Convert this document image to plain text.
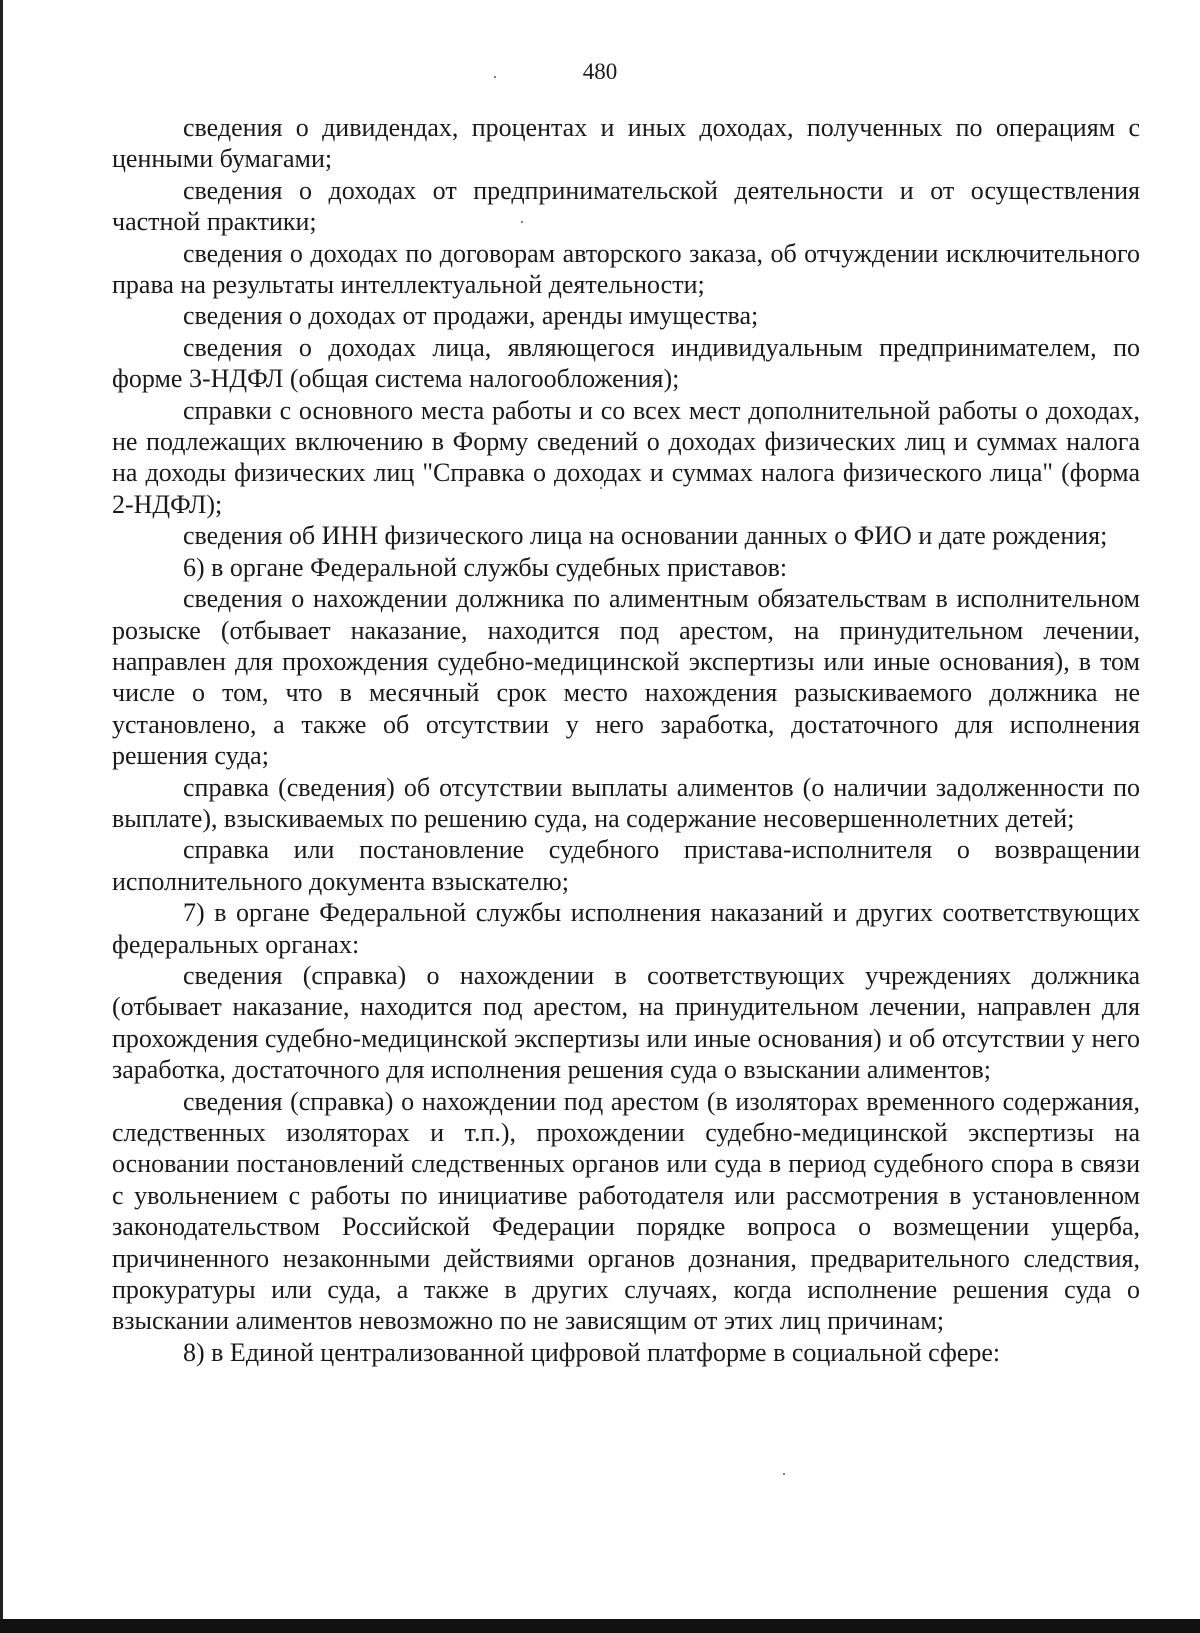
480

сведения о дивидендах, процентах и иных доходах, полученных по операциям с ценными бумагами;

сведения о доходах от предпринимательской деятельности и от осуществления частной практики;

сведения о доходах по договорам авторского заказа, об отчуждении исключительного права на результаты интеллектуальной деятельности;

сведения о доходах от продажи, аренды имущества;

сведения о доходах лица, являющегося индивидуальным предпринимателем, по форме 3-НДФЛ (общая система налогообложения);

справки с основного места работы и со всех мест дополнительной работы о доходах, не подлежащих включению в Форму сведений о доходах физических лиц и суммах налога на доходы физических лиц "Справка о доходах и суммах налога физического лица" (форма 2-НДФЛ);

сведения об ИНН физического лица на основании данных о ФИО и дате рождения;

6) в органе Федеральной службы судебных приставов:

сведения о нахождении должника по алиментным обязательствам в исполнительном розыске (отбывает наказание, находится под арестом, на принудительном лечении, направлен для прохождения судебно-медицинской экспертизы или иные основания), в том числе о том, что в месячный срок место нахождения разыскиваемого должника не установлено, а также об отсутствии у него заработка, достаточного для исполнения решения суда;

справка (сведения) об отсутствии выплаты алиментов (о наличии задолженности по выплате), взыскиваемых по решению суда, на содержание несовершеннолетних детей;

справка или постановление судебного пристава-исполнителя о возвращении исполнительного документа взыскателю;

7) в органе Федеральной службы исполнения наказаний и других соответствующих федеральных органах:

сведения (справка) о нахождении в соответствующих учреждениях должника (отбывает наказание, находится под арестом, на принудительном лечении, направлен для прохождения судебно-медицинской экспертизы или иные основания) и об отсутствии у него заработка, достаточного для исполнения решения суда о взыскании алиментов;

сведения (справка) о нахождении под арестом (в изоляторах временного содержания, следственных изоляторах и т.п.), прохождении судебно-медицинской экспертизы на основании постановлений следственных органов или суда в период судебного спора в связи с увольнением с работы по инициативе работодателя или рассмотрения в установленном законодательством Российской Федерации порядке вопроса о возмещении ущерба, причиненного незаконными действиями органов дознания, предварительного следствия, прокуратуры или суда, а также в других случаях, когда исполнение решения суда о взыскании алиментов невозможно по не зависящим от этих лиц причинам;

8) в Единой централизованной цифровой платформе в социальной сфере:
